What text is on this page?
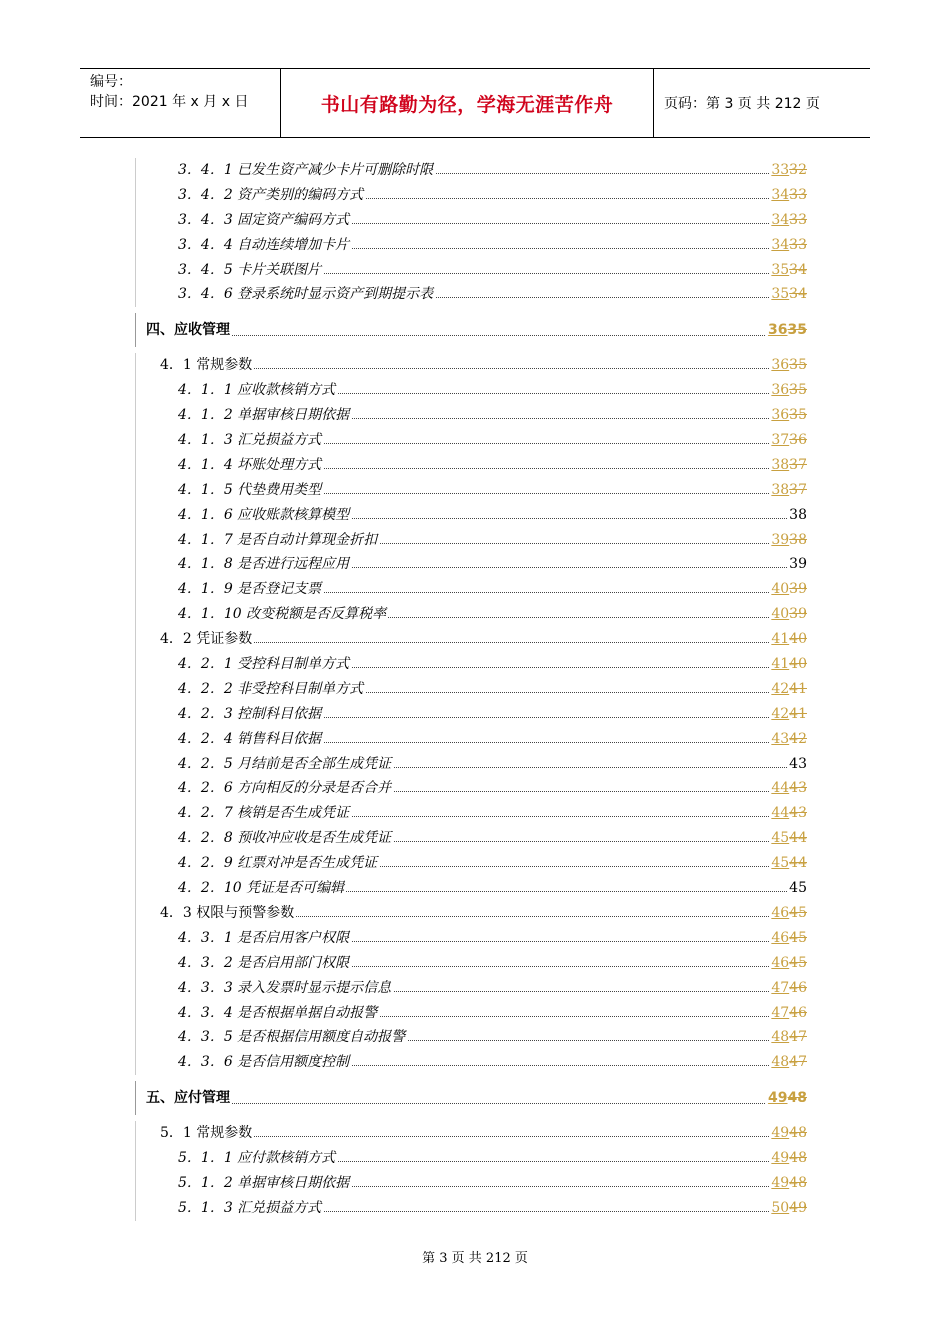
编号：
时间：2021 年 x 月 x 日	书山有路勤为径，学海无涯苦作舟	页码：第 3 页 共 212 页
3．4．1 已发生资产减少卡片可删除时限	3332
3．4．2 资产类别的编码方式	3433
3．4．3 固定资产编码方式	3433
3．4．4 自动连续增加卡片	3433
3．4．5 卡片关联图片	3534
3．4．6 登录系统时显示资产到期提示表	3534
四、应收管理	3635
4．1 常规参数	3635
4．1．1 应收款核销方式	3635
4．1．2 单据审核日期依据	3635
4．1．3 汇兑损益方式	3736
4．1．4 坏账处理方式	3837
4．1．5 代垫费用类型	3837
4．1．6 应收账款核算模型	38
4．1．7 是否自动计算现金折扣	3938
4．1．8 是否进行远程应用	39
4．1．9 是否登记支票	4039
4．1．10 改变税额是否反算税率	4039
4．2 凭证参数	4140
4．2．1 受控科目制单方式	4140
4．2．2 非受控科目制单方式	4241
4．2．3 控制科目依据	4241
4．2．4 销售科目依据	4342
4．2．5 月结前是否全部生成凭证	43
4．2．6 方向相反的分录是否合并	4443
4．2．7 核销是否生成凭证	4443
4．2．8 预收冲应收是否生成凭证	4544
4．2．9 红票对冲是否生成凭证	4544
4．2．10 凭证是否可编辑	45
4．3 权限与预警参数	4645
4．3．1 是否启用客户权限	4645
4．3．2 是否启用部门权限	4645
4．3．3 录入发票时显示提示信息	4746
4．3．4 是否根据单据自动报警	4746
4．3．5 是否根据信用额度自动报警	4847
4．3．6 是否信用额度控制	4847
五、应付管理	4948
5．1 常规参数	4948
5．1．1 应付款核销方式	4948
5．1．2 单据审核日期依据	4948
5．1．3 汇兑损益方式	5049
第 3 页 共 212 页
